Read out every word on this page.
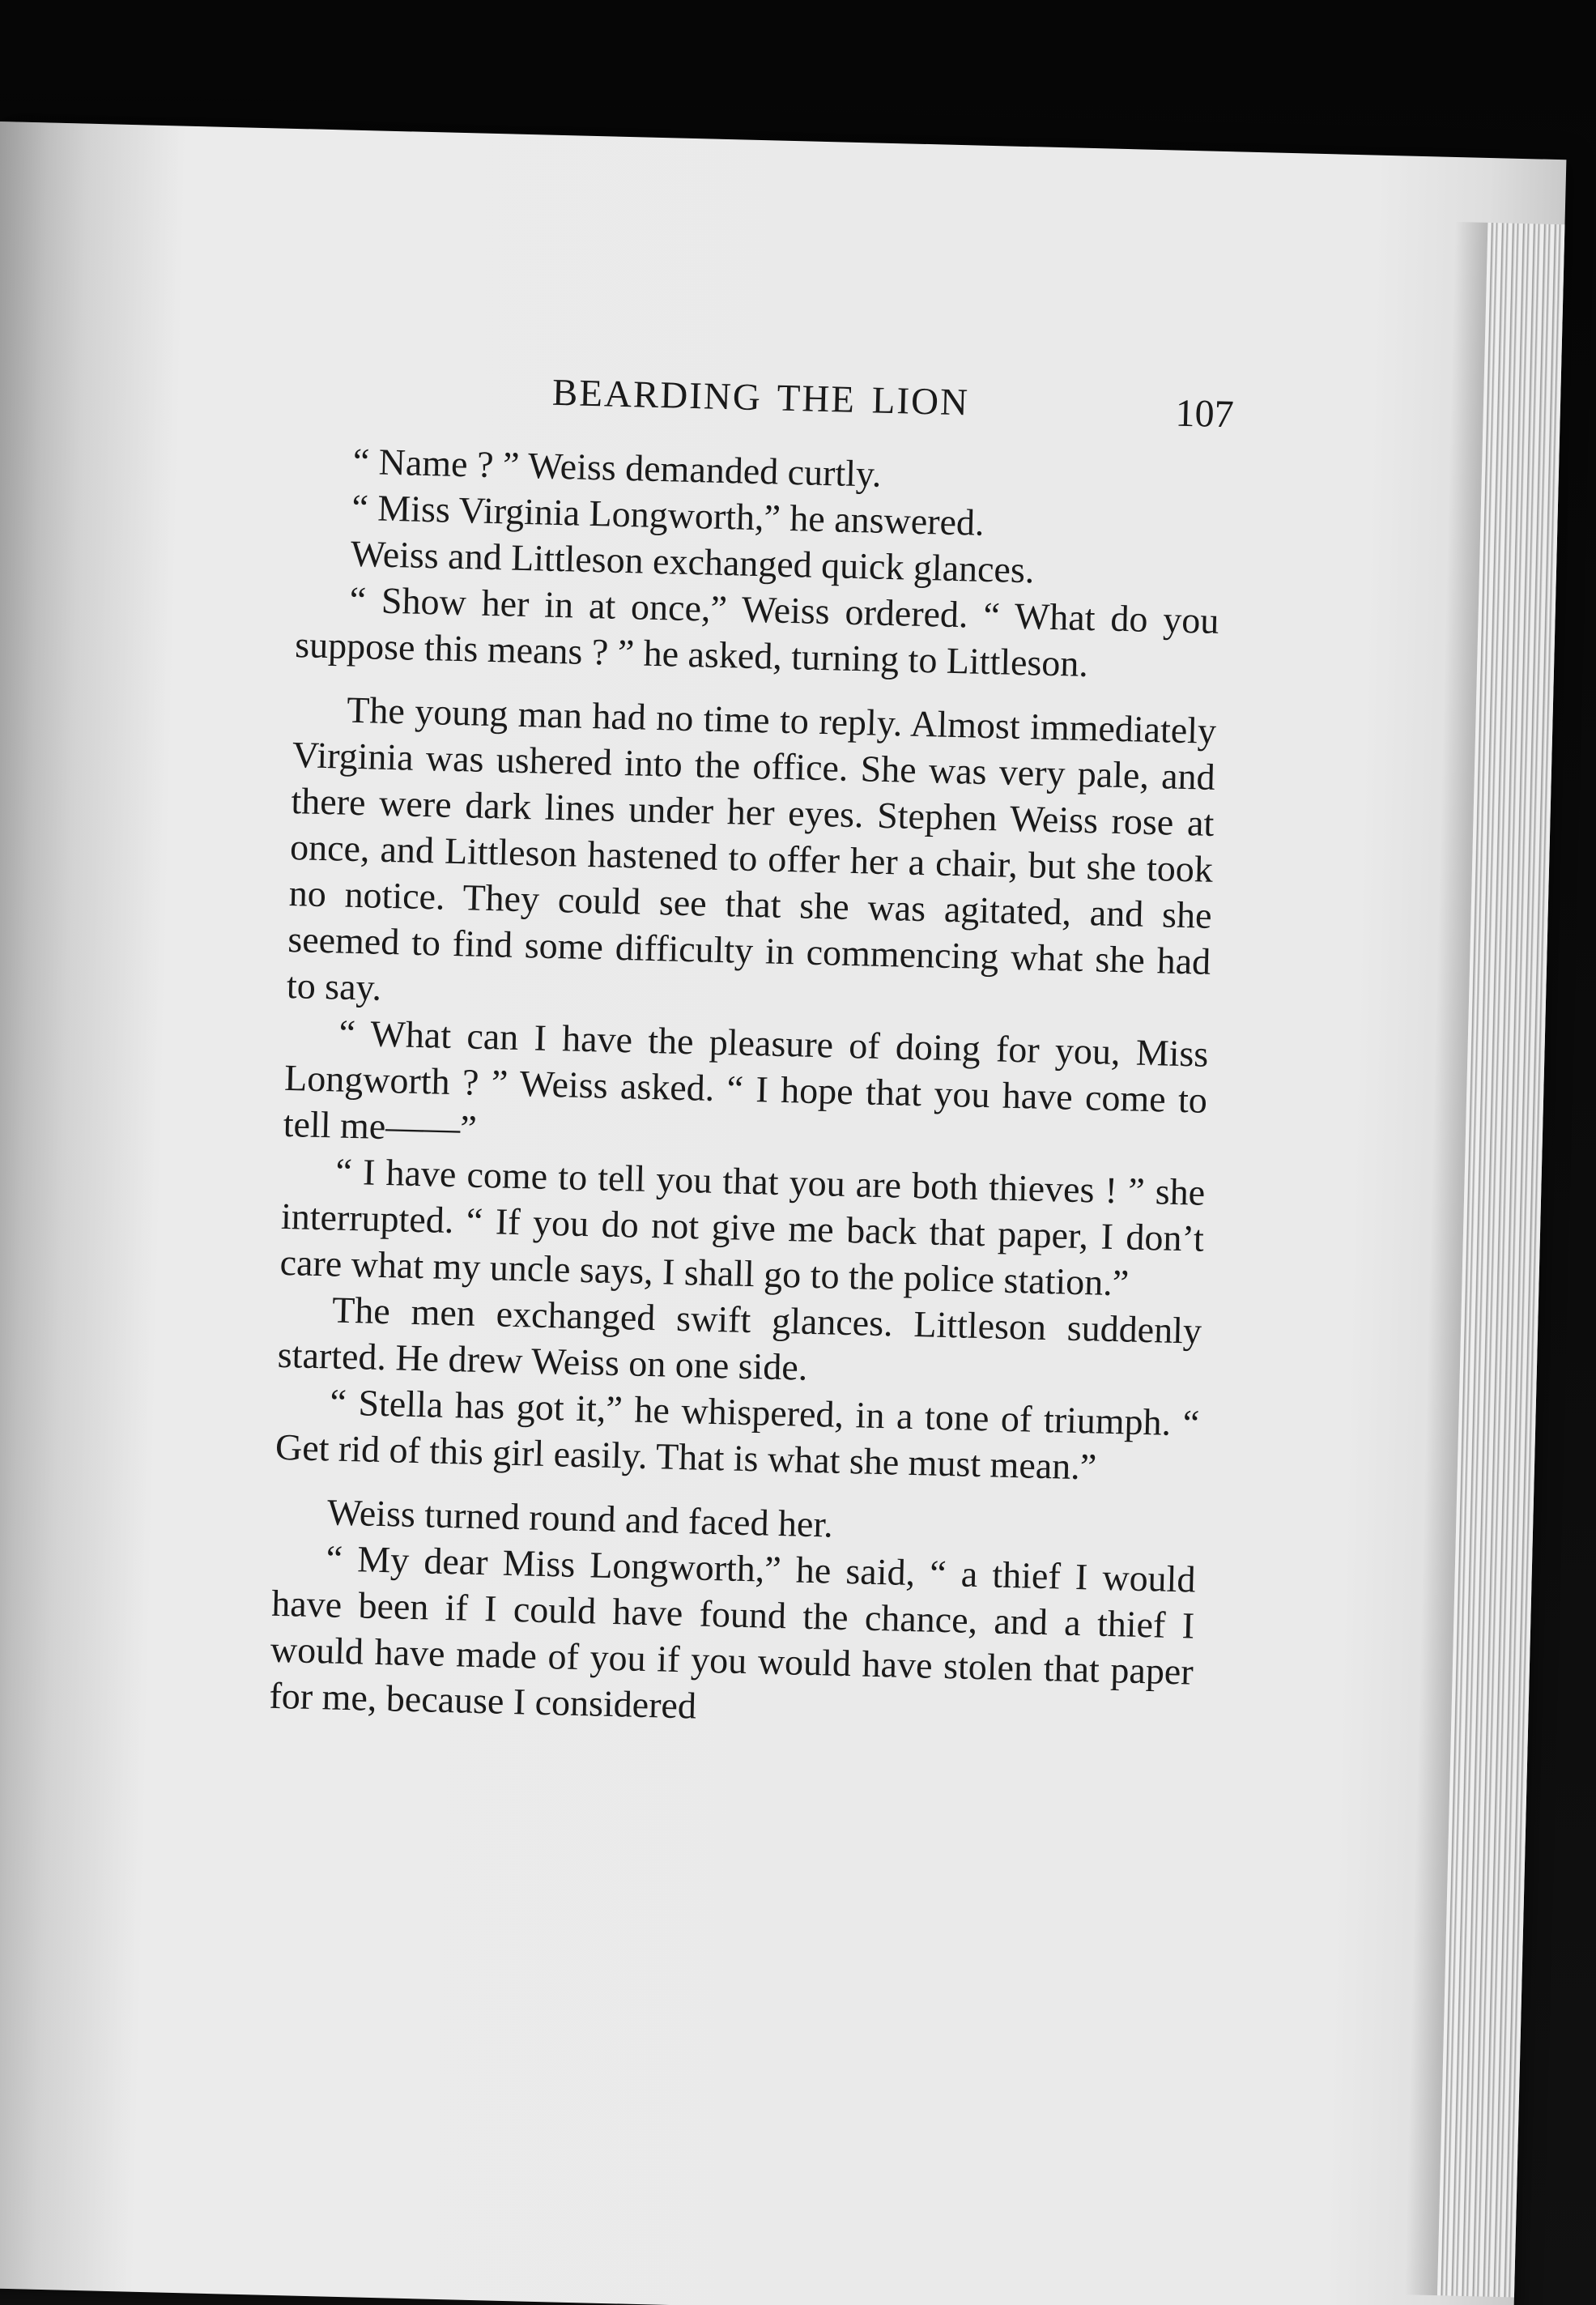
BEARDING THE LION	107

“ Name ? ” Weiss demanded curtly.

“ Miss Virginia Longworth,” he answered.

Weiss and Littleson exchanged quick glances.

“ Show her in at once,” Weiss ordered. “ What do you suppose this means ? ” he asked, turning to Littleson.

The young man had no time to reply. Almost immediately Virginia was ushered into the office. She was very pale, and there were dark lines under her eyes. Stephen Weiss rose at once, and Littleson hastened to offer her a chair, but she took no notice. They could see that she was agitated, and she seemed to find some difficulty in commencing what she had to say.

“ What can I have the pleasure of doing for you, Miss Longworth ? ” Weiss asked. “ I hope that you have come to tell me——”

“ I have come to tell you that you are both thieves ! ” she interrupted. “ If you do not give me back that paper, I don’t care what my uncle says, I shall go to the police station.”

The men exchanged swift glances. Littleson suddenly started. He drew Weiss on one side.

“ Stella has got it,” he whispered, in a tone of triumph. “ Get rid of this girl easily. That is what she must mean.”

Weiss turned round and faced her.

“ My dear Miss Longworth,” he said, “ a thief I would have been if I could have found the chance, and a thief I would have made of you if you would have stolen that paper for me, because I considered
